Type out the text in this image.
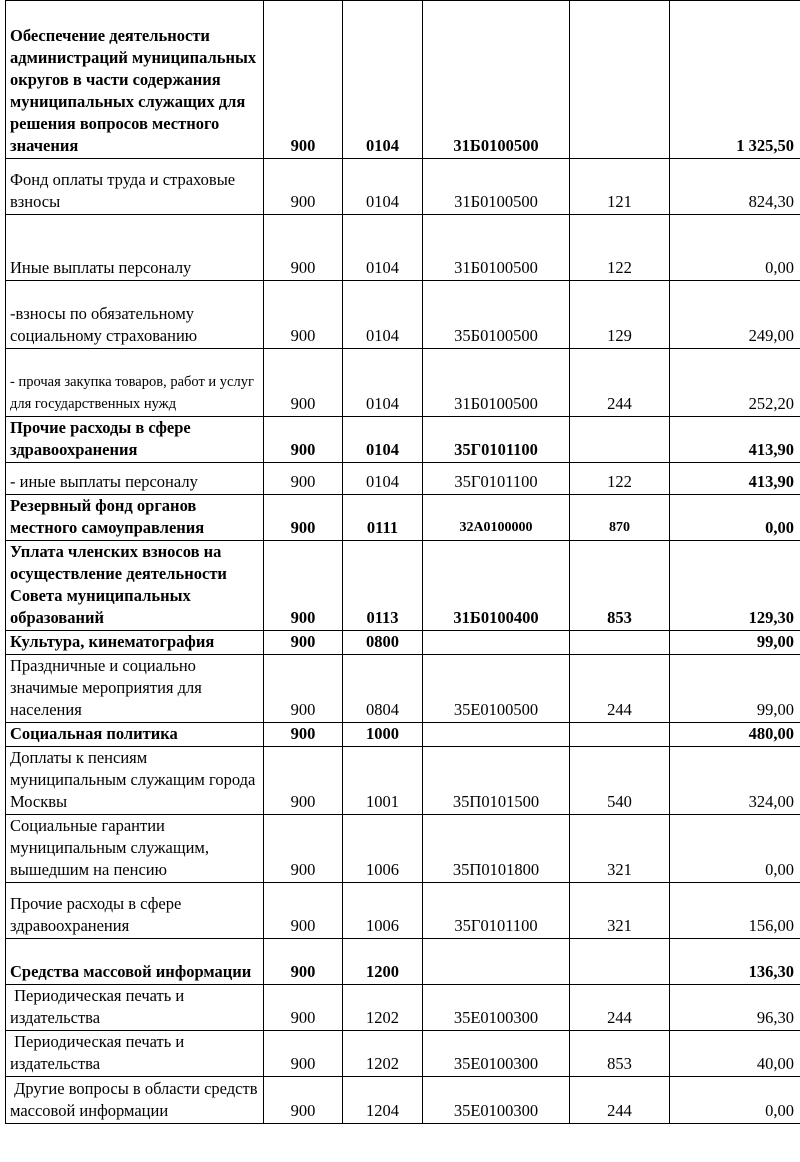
Обеспечение деятельности администраций муниципальных округов в части содержания муниципальных служащих для решения вопросов местного значения	900	0104	31Б0100500		1 325,50
Фонд оплаты труда и страховые взносы	900	0104	31Б0100500	121	824,30
Иные выплаты персоналу	900	0104	31Б0100500	122	0,00
-взносы по обязательному социальному страхованию	900	0104	35Б0100500	129	249,00
- прочая закупка товаров, работ и услуг для государственных нужд	900	0104	31Б0100500	244	252,20
Прочие расходы в сфере здравоохранения	900	0104	35Г0101100		413,90
- иные выплаты персоналу	900	0104	35Г0101100	122	413,90
Резервный фонд органов местного самоуправления	900	0111	32А0100000	870	0,00
Уплата членских взносов на осуществление деятельности Совета муниципальных образований	900	0113	31Б0100400	853	129,30
Культура, кинематография	900	0800			99,00
Праздничные и социально значимые мероприятия для населения	900	0804	35Е0100500	244	99,00
Социальная политика	900	1000			480,00
Доплаты к пенсиям муниципальным служащим города Москвы	900	1001	35П0101500	540	324,00
Социальные гарантии муниципальным служащим, вышедшим на пенсию	900	1006	35П0101800	321	0,00
Прочие расходы в сфере здравоохранения	900	1006	35Г0101100	321	156,00
Средства массовой информации	900	1200			136,30
Периодическая печать и издательства	900	1202	35Е0100300	244	96,30
Периодическая печать и издательства	900	1202	35Е0100300	853	40,00
Другие вопросы в области средств массовой информации	900	1204	35Е0100300	244	0,00
